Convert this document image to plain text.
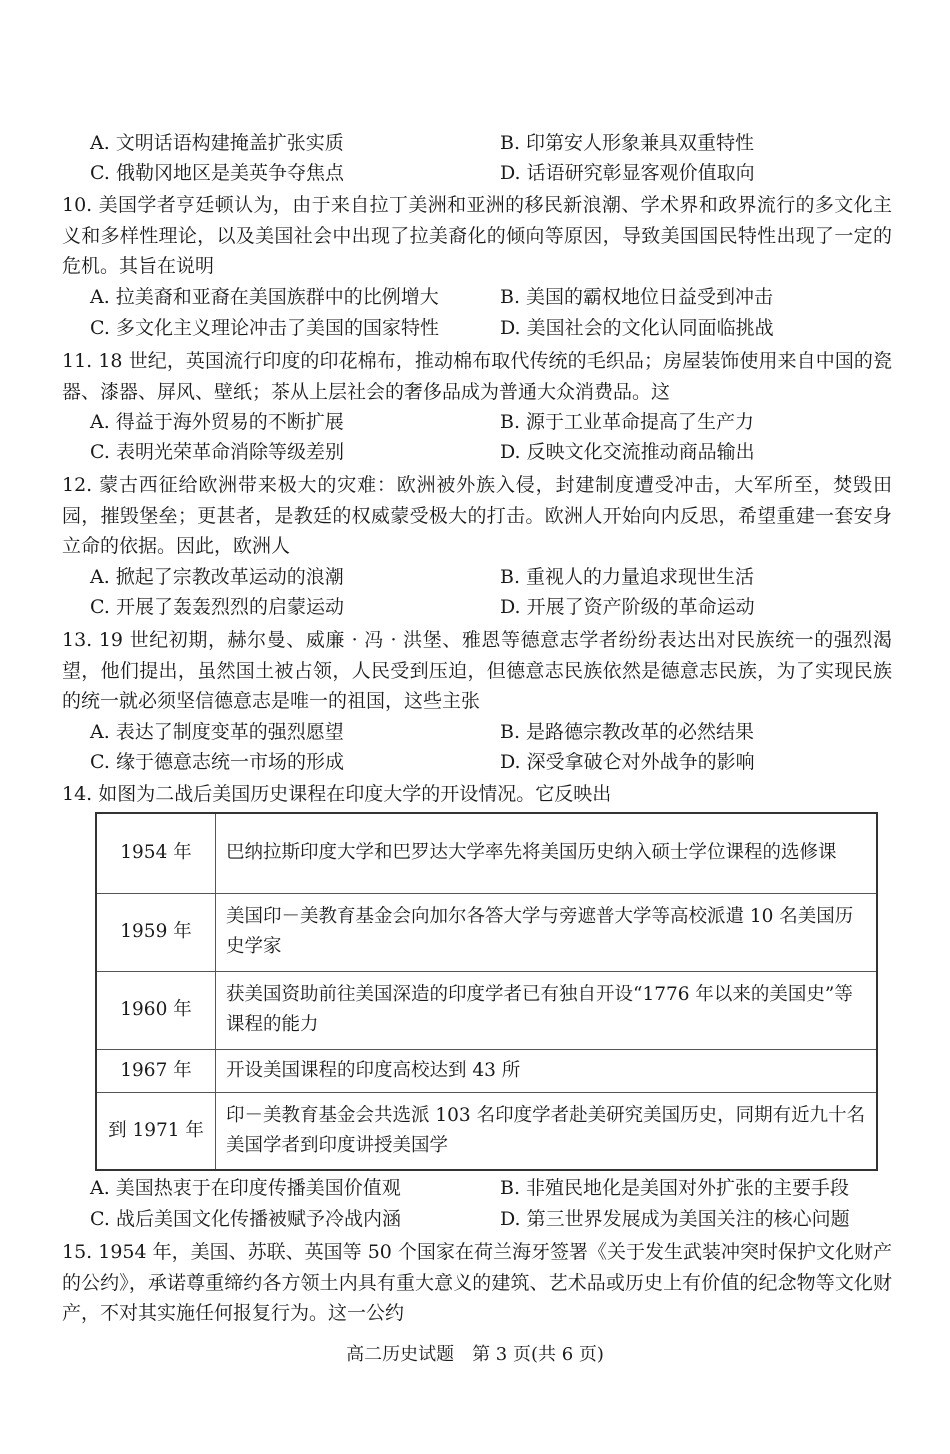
A. 文明话语构建掩盖扩张实质	B. 印第安人形象兼具双重特性
C. 俄勒冈地区是美英争夺焦点	D. 话语研究彰显客观价值取向
10. 美国学者亨廷顿认为，由于来自拉丁美洲和亚洲的移民新浪潮、学术界和政界流行的多文化主义和多样性理论，以及美国社会中出现了拉美裔化的倾向等原因，导致美国国民特性出现了一定的危机。其旨在说明
A. 拉美裔和亚裔在美国族群中的比例增大	B. 美国的霸权地位日益受到冲击
C. 多文化主义理论冲击了美国的国家特性	D. 美国社会的文化认同面临挑战
11. 18 世纪，英国流行印度的印花棉布，推动棉布取代传统的毛织品；房屋装饰使用来自中国的瓷器、漆器、屏风、壁纸；茶从上层社会的奢侈品成为普通大众消费品。这
A. 得益于海外贸易的不断扩展	B. 源于工业革命提高了生产力
C. 表明光荣革命消除等级差别	D. 反映文化交流推动商品输出
12. 蒙古西征给欧洲带来极大的灾难：欧洲被外族入侵，封建制度遭受冲击，大军所至，焚毁田园，摧毁堡垒；更甚者，是教廷的权威蒙受极大的打击。欧洲人开始向内反思，希望重建一套安身立命的依据。因此，欧洲人
A. 掀起了宗教改革运动的浪潮	B. 重视人的力量追求现世生活
C. 开展了轰轰烈烈的启蒙运动	D. 开展了资产阶级的革命运动
13. 19 世纪初期，赫尔曼、威廉 · 冯 · 洪堡、雅恩等德意志学者纷纷表达出对民族统一的强烈渴望，他们提出，虽然国土被占领，人民受到压迫，但德意志民族依然是德意志民族，为了实现民族的统一就必须坚信德意志是唯一的祖国，这些主张
A. 表达了制度变革的强烈愿望	B. 是路德宗教改革的必然结果
C. 缘于德意志统一市场的形成	D. 深受拿破仑对外战争的影响
14. 如图为二战后美国历史课程在印度大学的开设情况。它反映出
1954 年	巴纳拉斯印度大学和巴罗达大学率先将美国历史纳入硕士学位课程的选修课
1959 年	美国印－美教育基金会向加尔各答大学与旁遮普大学等高校派遣 10 名美国历史学家
1960 年	获美国资助前往美国深造的印度学者已有独自开设“1776 年以来的美国史”等课程的能力
1967 年	开设美国课程的印度高校达到 43 所
到 1971 年	印－美教育基金会共选派 103 名印度学者赴美研究美国历史，同期有近九十名美国学者到印度讲授美国学
A. 美国热衷于在印度传播美国价值观	B. 非殖民地化是美国对外扩张的主要手段
C. 战后美国文化传播被赋予冷战内涵	D. 第三世界发展成为美国关注的核心问题
15. 1954 年，美国、苏联、英国等 50 个国家在荷兰海牙签署《关于发生武装冲突时保护文化财产的公约》，承诺尊重缔约各方领土内具有重大意义的建筑、艺术品或历史上有价值的纪念物等文化财产，不对其实施任何报复行为。这一公约
高二历史试题　第 3 页(共 6 页)
